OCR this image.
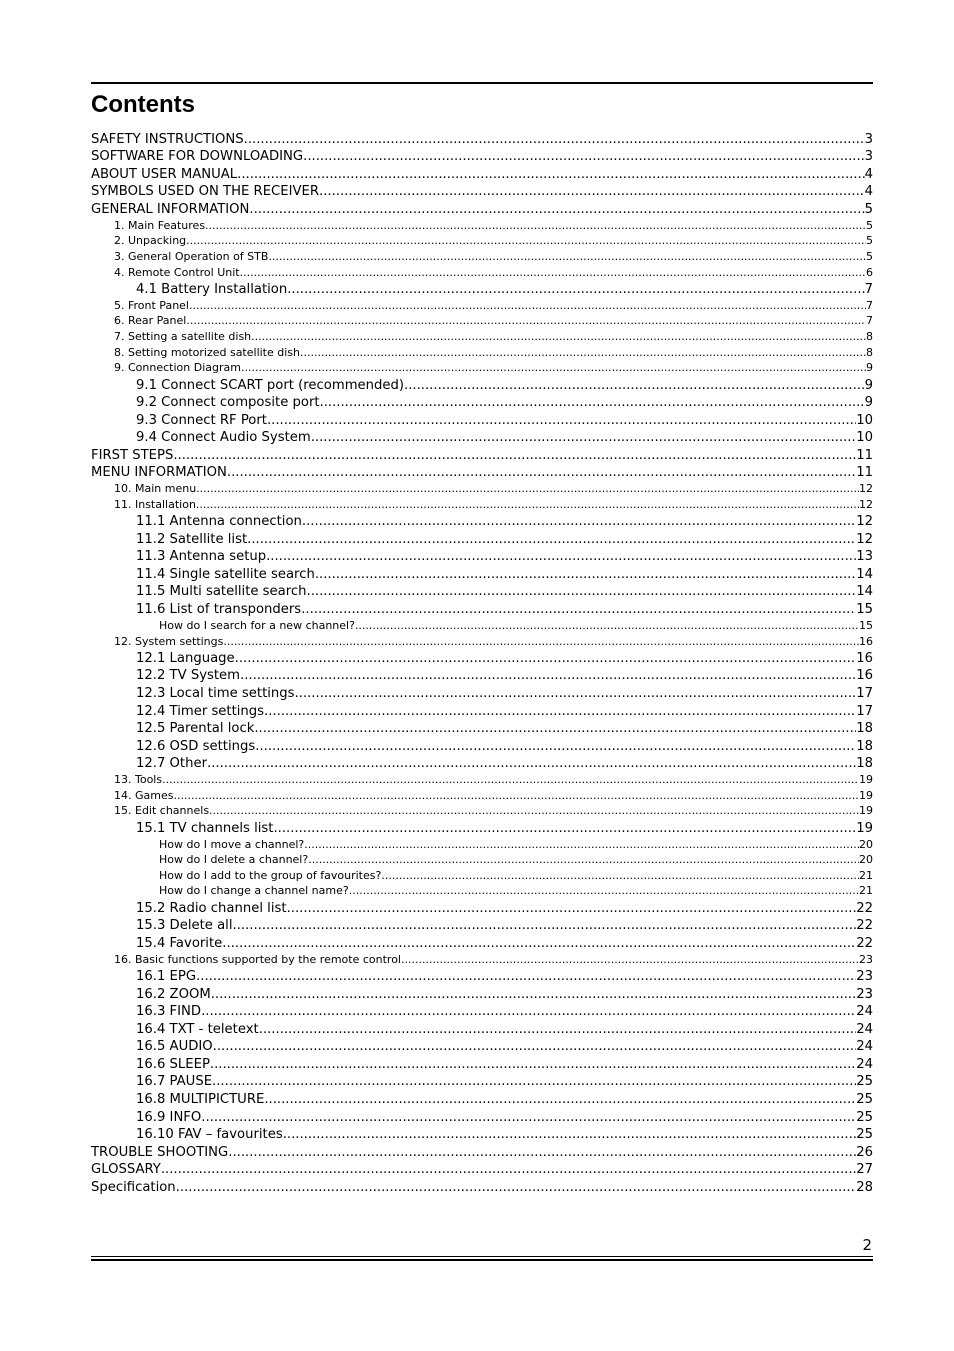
Contents
SAFETY INSTRUCTIONS .....	3
SOFTWARE FOR DOWNLOADING .....	3
ABOUT USER MANUAL .....	4
SYMBOLS USED ON THE RECEIVER .....	4
GENERAL INFORMATION .....	5
1. Main Features .....	5
2. Unpacking .....	5
3. General Operation of STB .....	5
4. Remote Control Unit .....	6
4.1 Battery Installation .....	7
5. Front Panel .....	7
6. Rear Panel .....	7
7. Setting a satellite dish .....	8
8. Setting motorized satellite dish .....	8
9. Connection Diagram .....	9
9.1 Connect SCART port (recommended) .....	9
9.2 Connect composite port .....	9
9.3 Connect RF Port .....	10
9.4 Connect Audio System .....	10
FIRST STEPS .....	11
MENU INFORMATION .....	11
10. Main menu .....	12
11. Installation .....	12
11.1 Antenna connection .....	12
11.2 Satellite list .....	12
11.3 Antenna setup .....	13
11.4 Single satellite search .....	14
11.5 Multi satellite search .....	14
11.6 List of transponders .....	15
How do I search for a new channel? .....	15
12. System settings .....	16
12.1 Language .....	16
12.2 TV System .....	16
12.3 Local time settings .....	17
12.4 Timer settings .....	17
12.5 Parental lock .....	18
12.6 OSD settings .....	18
12.7 Other .....	18
13. Tools .....	19
14. Games .....	19
15. Edit channels .....	19
15.1 TV channels list .....	19
How do I move a channel? .....	20
How do I delete a channel? .....	20
How do I add to the group of favourites? .....	21
How do I change a channel name? .....	21
15.2 Radio channel list .....	22
15.3 Delete all .....	22
15.4 Favorite .....	22
16. Basic functions supported by the remote control .....	23
16.1 EPG .....	23
16.2 ZOOM .....	23
16.3 FIND .....	24
16.4 TXT - teletext .....	24
16.5 AUDIO .....	24
16.6 SLEEP .....	24
16.7 PAUSE .....	25
16.8 MULTIPICTURE .....	25
16.9 INFO .....	25
16.10 FAV – favourites .....	25
TROUBLE SHOOTING .....	26
GLOSSARY .....	27
Specification .....	28
2
